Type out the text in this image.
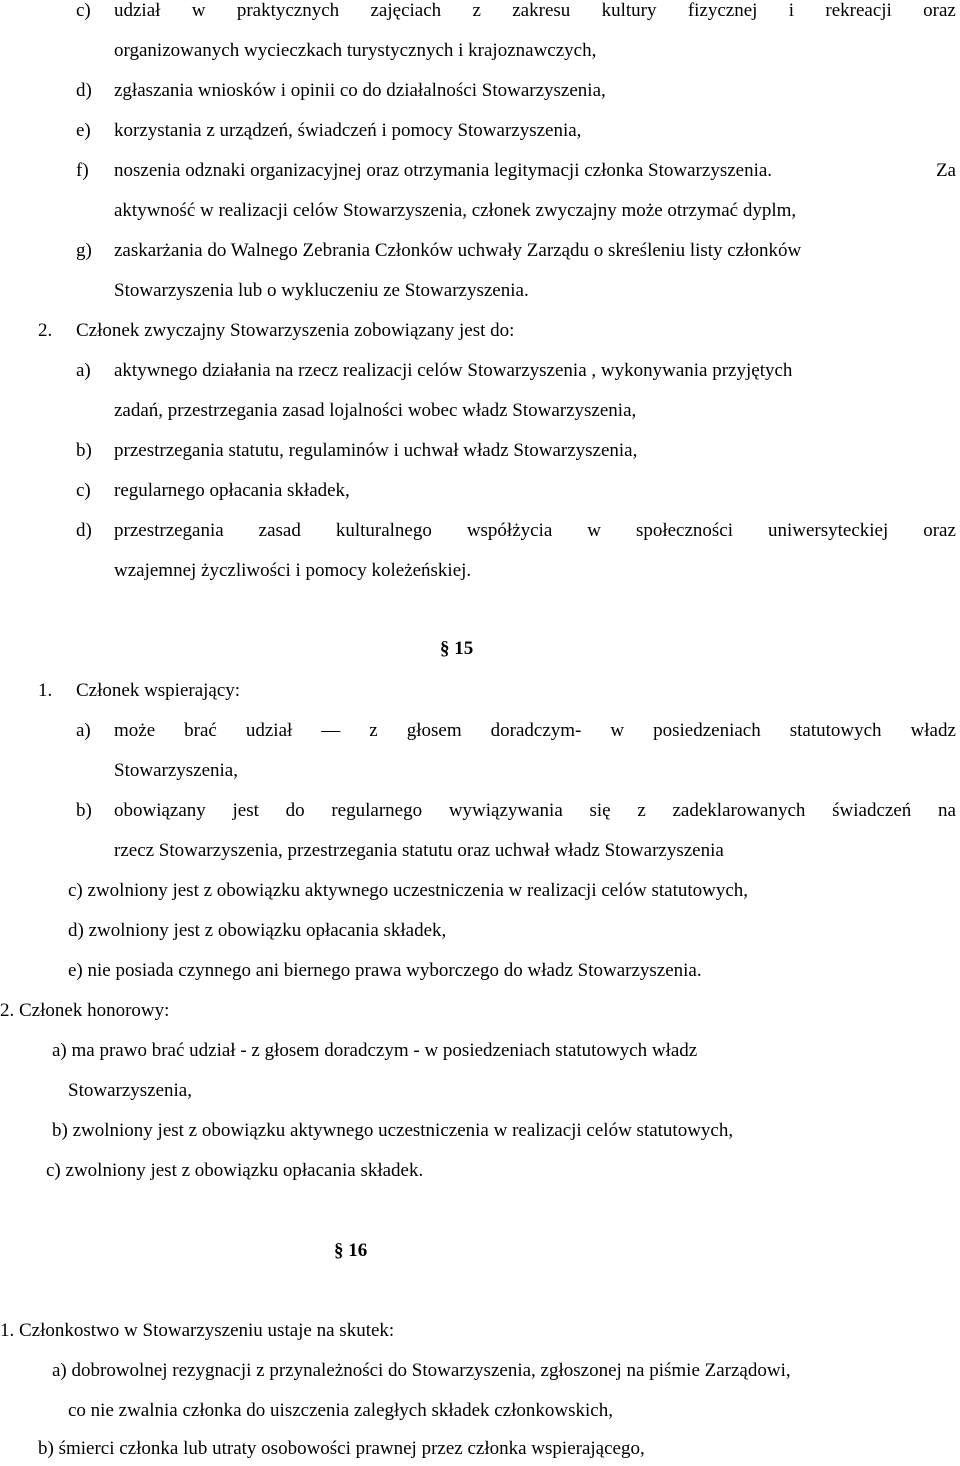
c) udział w praktycznych zajęciach z zakresu kultury fizycznej i rekreacji oraz
organizowanych wycieczkach turystycznych i krajoznawczych,
d) zgłaszania wniosków i opinii co do działalności Stowarzyszenia,
e) korzystania z urządzeń, świadczeń i pomocy Stowarzyszenia,
f) noszenia odznaki organizacyjnej oraz otrzymania legitymacji członka Stowarzyszenia.	Za
aktywność w realizacji celów Stowarzyszenia, członek zwyczajny może otrzymać dyplm,
g) zaskarżania do Walnego Zebrania Członków uchwały Zarządu o skreśleniu listy członków
Stowarzyszenia lub o wykluczeniu ze Stowarzyszenia.
2. Członek zwyczajny Stowarzyszenia zobowiązany jest do:
a) aktywnego działania na rzecz realizacji celów Stowarzyszenia , wykonywania przyjętych
zadań, przestrzegania zasad lojalności wobec władz Stowarzyszenia,
b) przestrzegania statutu, regulaminów i uchwał władz Stowarzyszenia,
c) regularnego opłacania składek,
d) przestrzegania zasad kulturalnego współżycia w społeczności uniwersyteckiej oraz
wzajemnej życzliwości i pomocy koleżeńskiej.
§ 15
1. Członek wspierający:
a) może brać udział — z głosem doradczym- w posiedzeniach statutowych władz
Stowarzyszenia,
b) obowiązany jest do regularnego wywiązywania się z zadeklarowanych świadczeń na
rzecz Stowarzyszenia, przestrzegania statutu oraz uchwał władz Stowarzyszenia
c) zwolniony jest z obowiązku aktywnego uczestniczenia w realizacji celów statutowych,
d) zwolniony jest z obowiązku opłacania składek,
e) nie posiada czynnego ani biernego prawa wyborczego do władz Stowarzyszenia.
2. Członek honorowy:
a) ma prawo brać udział - z głosem doradczym - w posiedzeniach statutowych władz
Stowarzyszenia,
b) zwolniony jest z obowiązku aktywnego uczestniczenia w realizacji celów statutowych,
c) zwolniony jest z obowiązku opłacania składek.
§ 16
1. Członkostwo w Stowarzyszeniu ustaje na skutek:
a) dobrowolnej rezygnacji z przynależności do Stowarzyszenia, zgłoszonej na piśmie Zarządowi,
co nie zwalnia członka do uiszczenia zaległych składek członkowskich,
b) śmierci członka lub utraty osobowości prawnej przez członka wspierającego,
